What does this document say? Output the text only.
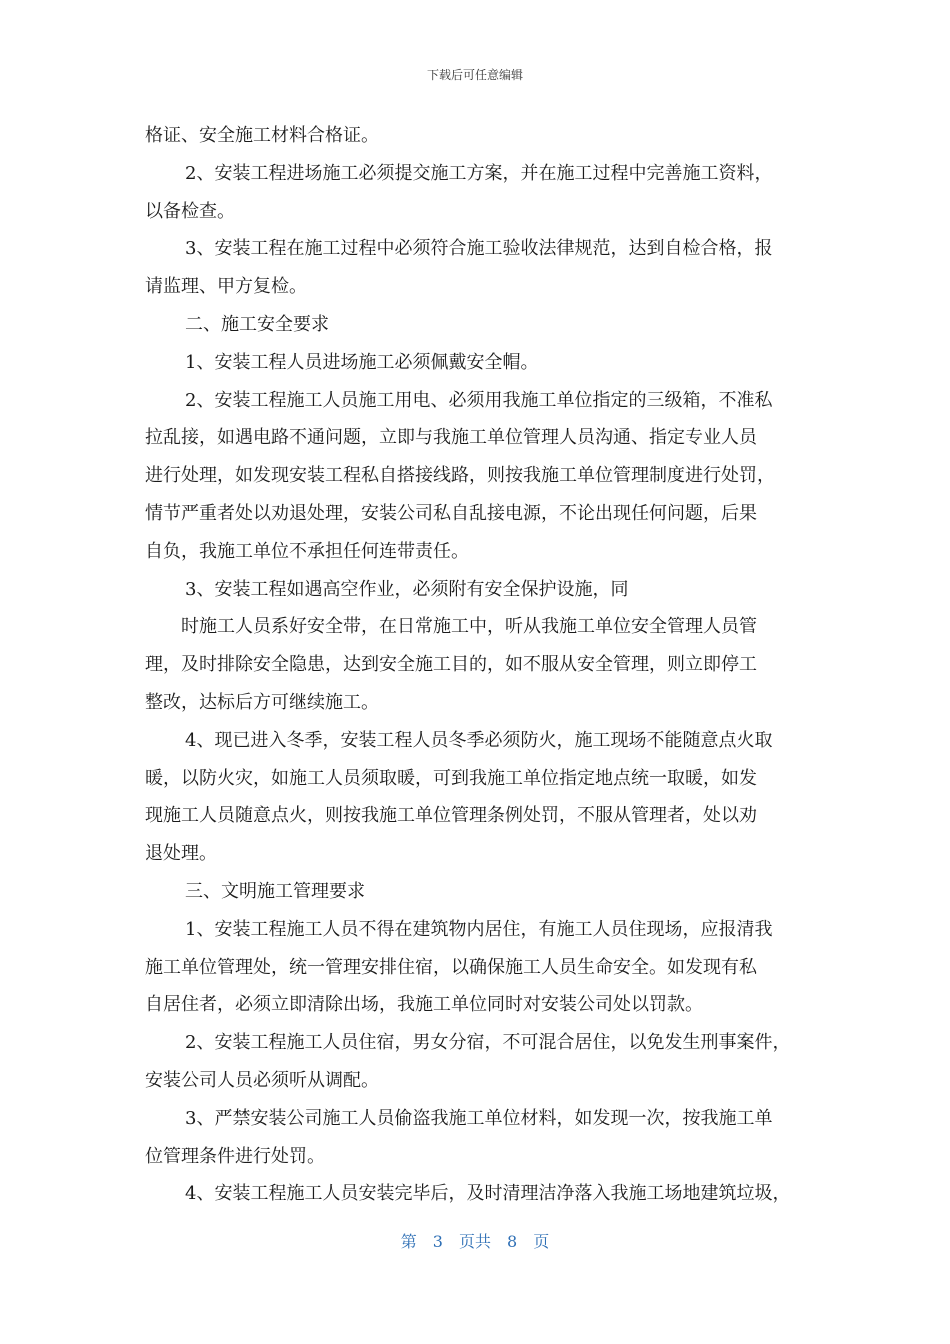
下载后可任意编辑
格证、安全施工材料合格证。
2、安装工程进场施工必须提交施工方案，并在施工过程中完善施工资料，
以备检查。
3、安装工程在施工过程中必须符合施工验收法律规范，达到自检合格，报
请监理、甲方复检。
二、施工安全要求
1、安装工程人员进场施工必须佩戴安全帽。
2、安装工程施工人员施工用电、必须用我施工单位指定的三级箱，不准私
拉乱接，如遇电路不通问题，立即与我施工单位管理人员沟通、指定专业人员
进行处理，如发现安装工程私自搭接线路，则按我施工单位管理制度进行处罚，
情节严重者处以劝退处理，安装公司私自乱接电源，不论出现任何问题，后果
自负，我施工单位不承担任何连带责任。
3、安装工程如遇高空作业，必须附有安全保护设施，同
时施工人员系好安全带，在日常施工中，听从我施工单位安全管理人员管
理，及时排除安全隐患，达到安全施工目的，如不服从安全管理，则立即停工
整改，达标后方可继续施工。
4、现已进入冬季，安装工程人员冬季必须防火，施工现场不能随意点火取
暖，以防火灾，如施工人员须取暖，可到我施工单位指定地点统一取暖，如发
现施工人员随意点火，则按我施工单位管理条例处罚，不服从管理者，处以劝
退处理。
三、文明施工管理要求
1、安装工程施工人员不得在建筑物内居住，有施工人员住现场，应报清我
施工单位管理处，统一管理安排住宿，以确保施工人员生命安全。如发现有私
自居住者，必须立即清除出场，我施工单位同时对安装公司处以罚款。
2、安装工程施工人员住宿，男女分宿，不可混合居住，以免发生刑事案件，
安装公司人员必须听从调配。
3、严禁安装公司施工人员偷盗我施工单位材料，如发现一次，按我施工单
位管理条件进行处罚。
4、安装工程施工人员安装完毕后，及时清理洁净落入我施工场地建筑垃圾，
第 3 页共 8 页
